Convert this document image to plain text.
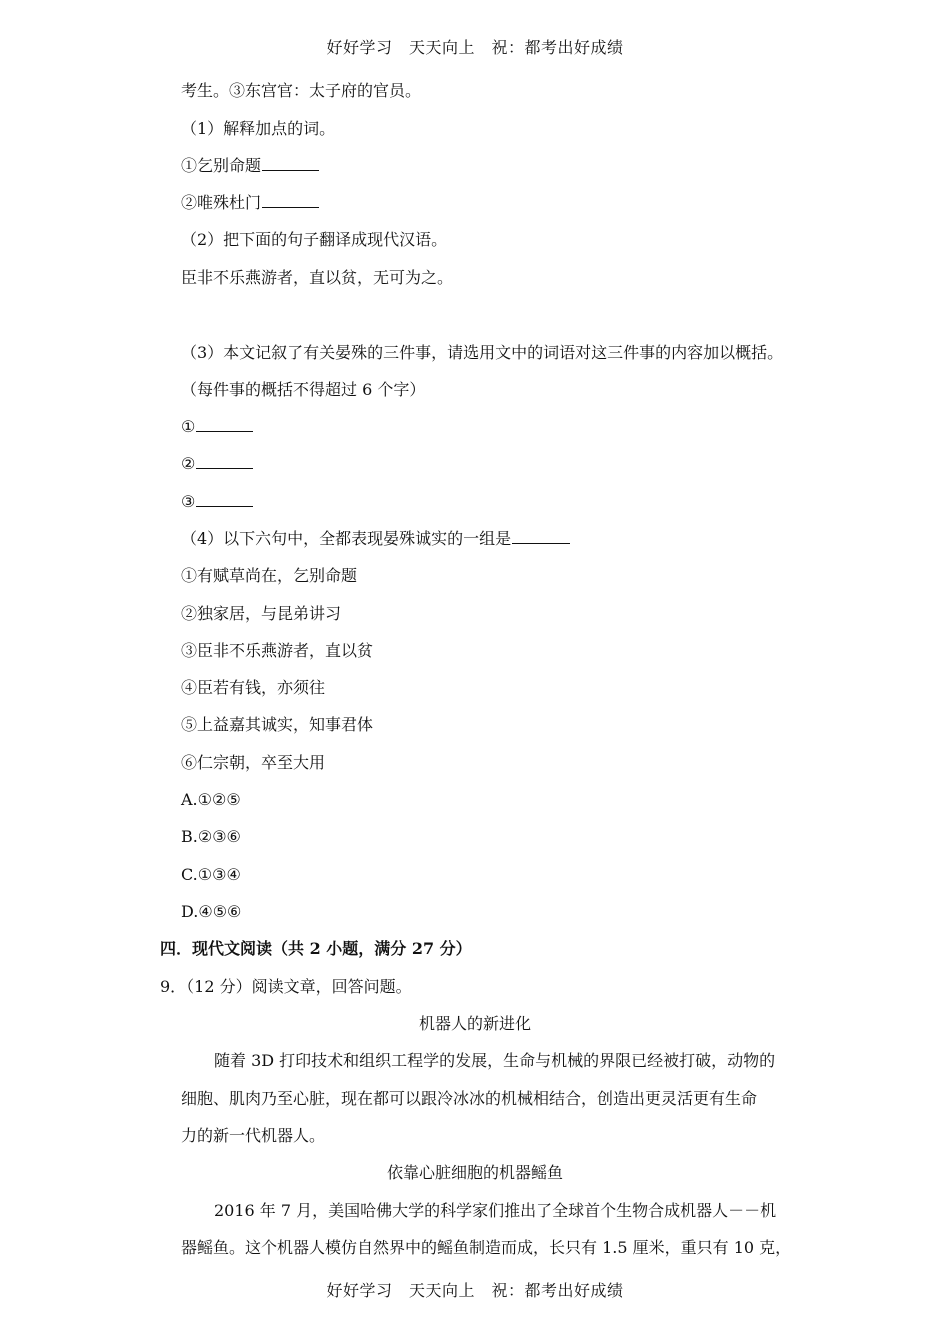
好好学习　天天向上　祝：都考出好成绩
考生。③东宫官：太子府的官员。
（1）解释加点的词。
①乞别命题
②唯殊杜门
（2）把下面的句子翻译成现代汉语。
臣非不乐燕游者，直以贫，无可为之。
（3）本文记叙了有关晏殊的三件事，请选用文中的词语对这三件事的内容加以概括。
（每件事的概括不得超过 6 个字）
①
②
③
（4）以下六句中，全都表现晏殊诚实的一组是
①有赋草尚在，乞别命题
②独家居，与昆弟讲习
③臣非不乐燕游者，直以贫
④臣若有钱，亦须往
⑤上益嘉其诚实，知事君体
⑥仁宗朝，卒至大用
A.①②⑤
B.②③⑥
C.①③④
D.④⑤⑥
四．现代文阅读（共 2 小题，满分 27 分）
9．（12 分）阅读文章，回答问题。
机器人的新进化
随着 3D 打印技术和组织工程学的发展，生命与机械的界限已经被打破，动物的
细胞、肌肉乃至心脏，现在都可以跟冷冰冰的机械相结合，创造出更灵活更有生命
力的新一代机器人。
依靠心脏细胞的机器鳐鱼
2016 年 7 月，美国哈佛大学的科学家们推出了全球首个生物合成机器人－－机
器鳐鱼。这个机器人模仿自然界中的鳐鱼制造而成，长只有 1.5 厘米，重只有 10 克，
好好学习　天天向上　祝：都考出好成绩
